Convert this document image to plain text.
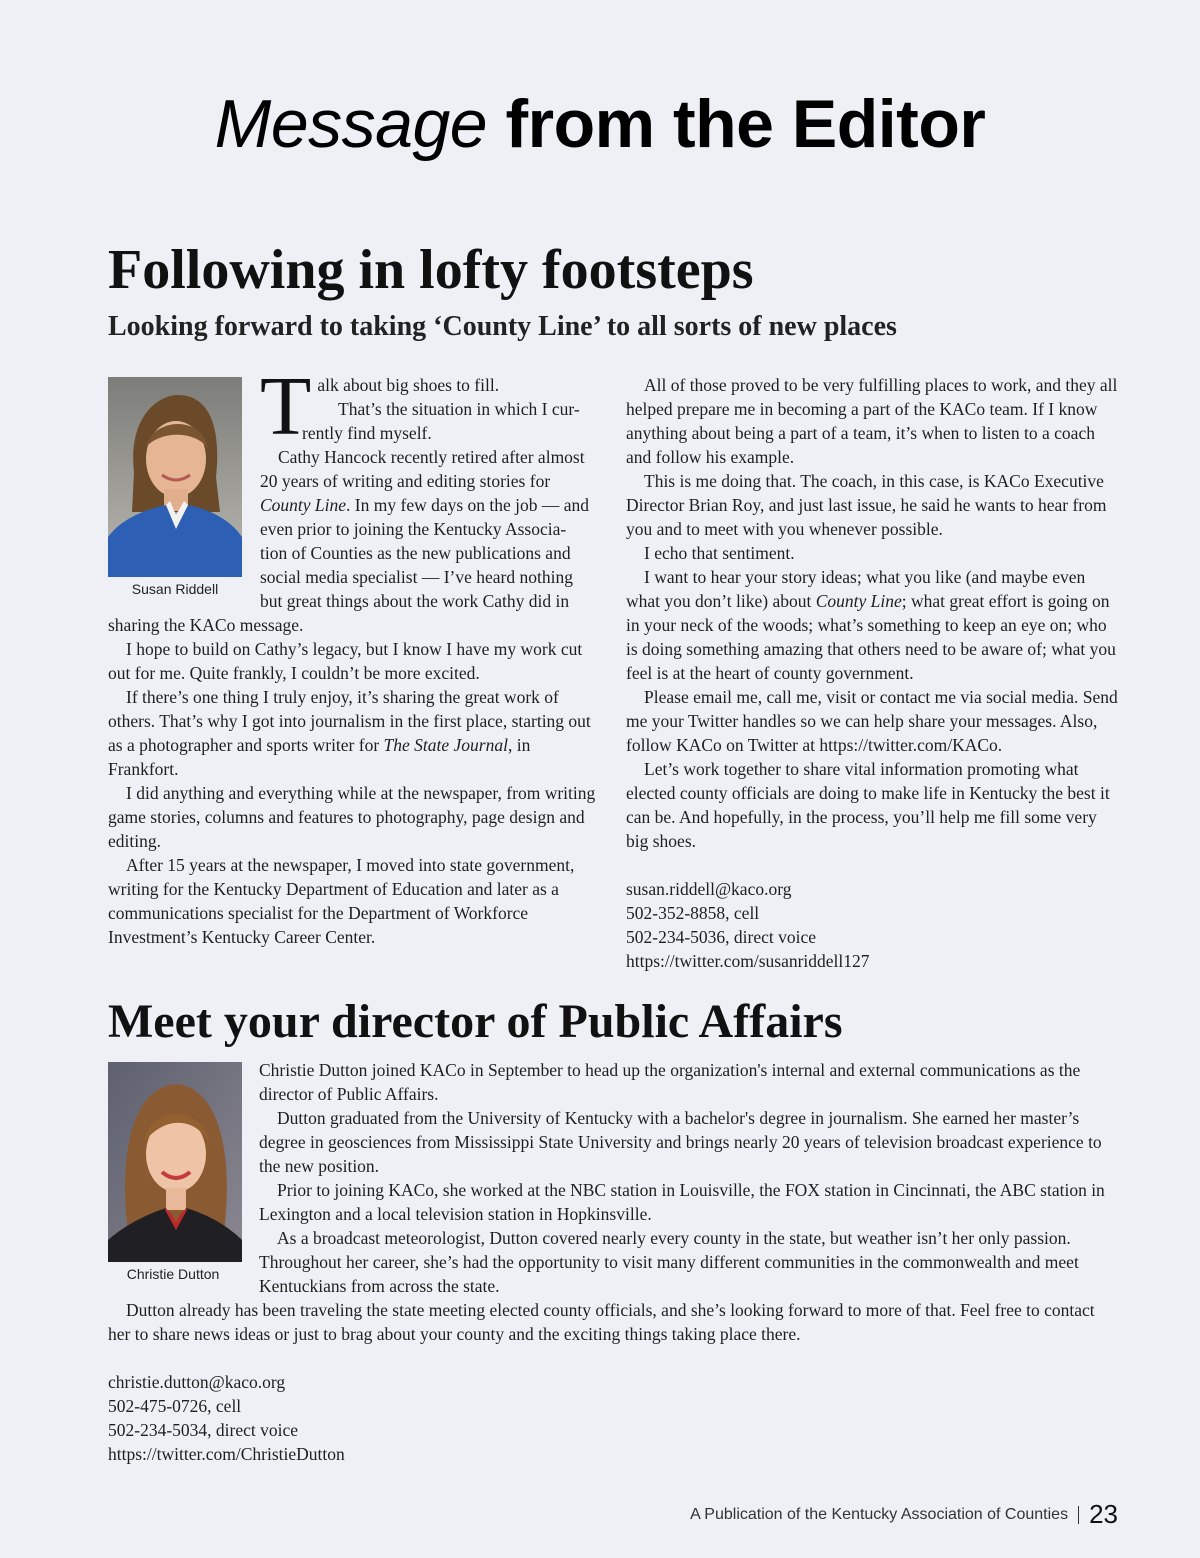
Message from the Editor
Following in lofty footsteps
Looking forward to taking ‘County Line’ to all sorts of new places
Susan Riddell

Talk about big shoes to fill.

That’s the situation in which I cur-
rently find myself.

Cathy Hancock recently retired after almost

20 years of writing and editing stories for

County Line. In my few days on the job — and

even prior to joining the Kentucky Associa-

tion of Counties as the new publications and

social media specialist — I’ve heard nothing

but great things about the work Cathy did in

sharing the KACo message.

I hope to build on Cathy’s legacy, but I know I have my work cut out for me. Quite frankly, I couldn’t be more excited.

If there’s one thing I truly enjoy, it’s sharing the great work of others. That’s why I got into journalism in the first place, starting out as a photographer and sports writer for The State Journal, in Frankfort.

I did anything and everything while at the newspaper, from writing game stories, columns and features to photography, page design and editing.

After 15 years at the newspaper, I moved into state government, writing for the Kentucky Department of Education and later as a communications specialist for the Department of Workforce Investment’s Kentucky Career Center.

All of those proved to be very fulfilling places to work, and they all helped prepare me in becoming a part of the KACo team. If I know anything about being a part of a team, it’s when to listen to a coach and follow his example.

This is me doing that. The coach, in this case, is KACo Executive Director Brian Roy, and just last issue, he said he wants to hear from you and to meet with you whenever possible.

I echo that sentiment.

I want to hear your story ideas; what you like (and maybe even what you don’t like) about County Line; what great effort is going on in your neck of the woods; what’s something to keep an eye on; who is doing something amazing that others need to be aware of; what you feel is at the heart of county government.

Please email me, call me, visit or contact me via social media. Send me your Twitter handles so we can help share your messages. Also, follow KACo on Twitter at https://twitter.com/KACo.

Let’s work together to share vital information promoting what elected county officials are doing to make life in Kentucky the best it can be. And hopefully, in the process, you’ll help me fill some very big shoes.

susan.riddell@kaco.org

502-352-8858, cell

502-234-5036, direct voice

https://twitter.com/susanriddell127

Meet your director of Public Affairs
Christie Dutton

Christie Dutton joined KACo in September to head up the organization's internal and external communications as the director of Public Affairs.

Dutton graduated from the University of Kentucky with a bachelor's degree in journalism. She earned her master’s degree in geosciences from Mississippi State University and brings nearly 20 years of television broadcast experience to the new position.

Prior to joining KACo, she worked at the NBC station in Louisville, the FOX station in Cincinnati, the ABC station in Lexington and a local television station in Hopkinsville.

As a broadcast meteorologist, Dutton covered nearly every county in the state, but weather isn’t her only passion. Throughout her career, she’s had the opportunity to visit many different communities in the commonwealth and meet Kentuckians from across the state.

Dutton already has been traveling the state meeting elected county officials, and she’s looking forward to more of that. Feel free to contact her to share news ideas or just to brag about your county and the exciting things taking place there.

christie.dutton@kaco.org

502-475-0726, cell

502-234-5034, direct voice

https://twitter.com/ChristieDutton

A Publication of the Kentucky Association of Counties 23
